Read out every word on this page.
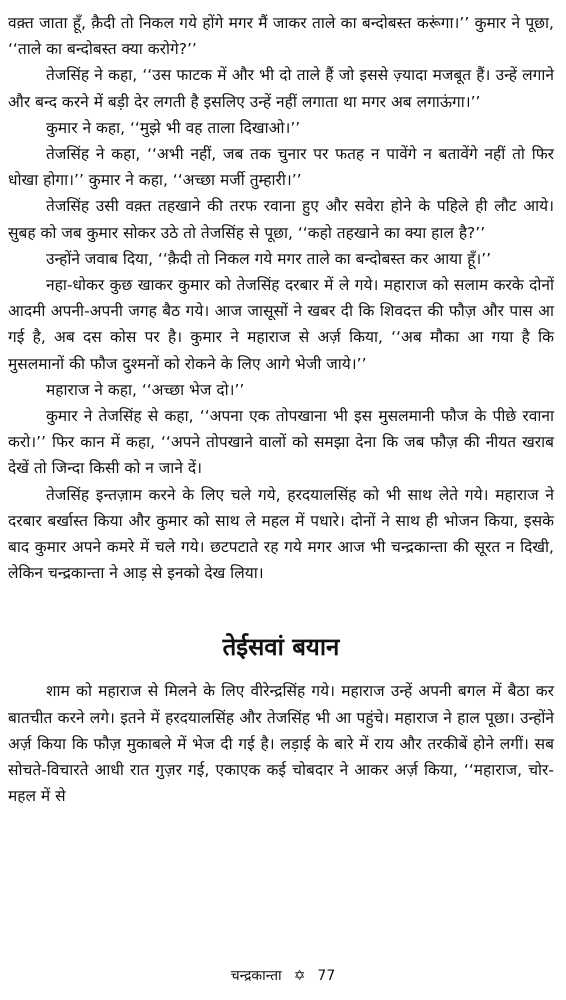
वक़्त जाता हूँ, क़ैदी तो निकल गये होंगे मगर मैं जाकर ताले का बन्दोबस्त करूंगा।’’ कुमार ने पूछा, ‘‘ताले का बन्दोबस्त क्या करोगे?’’

तेजसिंह ने कहा, ‘‘उस फाटक में और भी दो ताले हैं जो इससे ज़्यादा मजबूत हैं। उन्हें लगाने और बन्द करने में बड़ी देर लगती है इसलिए उन्हें नहीं लगाता था मगर अब लगाऊंगा।’’

कुमार ने कहा, ‘‘मुझे भी वह ताला दिखाओ।’’

तेजसिंह ने कहा, ‘‘अभी नहीं, जब तक चुनार पर फतह न पावेंगे न बतावेंगे नहीं तो फिर धोखा होगा।’’ कुमार ने कहा, ‘‘अच्छा मर्जी तुम्हारी।’’

तेजसिंह उसी वक़्त तहखाने की तरफ रवाना हुए और सवेरा होने के पहिले ही लौट आये। सुबह को जब कुमार सोकर उठे तो तेजसिंह से पूछा, ‘‘कहो तहखाने का क्या हाल है?’’

उन्होंने जवाब दिया, ‘‘क़ैदी तो निकल गये मगर ताले का बन्दोबस्त कर आया हूँ।’’

नहा-धोकर कुछ खाकर कुमार को तेजसिंह दरबार में ले गये। महाराज को सलाम करके दोनों आदमी अपनी-अपनी जगह बैठ गये। आज जासूसों ने खबर दी कि शिवदत्त की फौज़ और पास आ गई है, अब दस कोस पर है। कुमार ने महाराज से अर्ज़ किया, ‘‘अब मौका आ गया है कि मुसलमानों की फौज दुश्मनों को रोकने के लिए आगे भेजी जाये।’’

महाराज ने कहा, ‘‘अच्छा भेज दो।’’

कुमार ने तेजसिंह से कहा, ‘‘अपना एक तोपखाना भी इस मुसलमानी फौज के पीछे रवाना करो।’’ फिर कान में कहा, ‘‘अपने तोपखाने वालों को समझा देना कि जब फौज़ की नीयत खराब देखें तो जिन्दा किसी को न जाने दें।

तेजसिंह इन्तज़ाम करने के लिए चले गये, हरदयालसिंह को भी साथ लेते गये। महाराज ने दरबार बर्खास्त किया और कुमार को साथ ले महल में पधारे। दोनों ने साथ ही भोजन किया, इसके बाद कुमार अपने कमरे में चले गये। छटपटाते रह गये मगर आज भी चन्द्रकान्ता की सूरत न दिखी, लेकिन चन्द्रकान्ता ने आड़ से इनको देख लिया।

तेईसवां बयान

शाम को महाराज से मिलने के लिए वीरेन्द्रसिंह गये। महाराज उन्हें अपनी बगल में बैठा कर बातचीत करने लगे। इतने में हरदयालसिंह और तेजसिंह भी आ पहुंचे। महाराज ने हाल पूछा। उन्होंने अर्ज़ किया कि फौज़ मुकाबले में भेज दी गई है। लड़ाई के बारे में राय और तरकीबें होने लगीं। सब सोचते-विचारते आधी रात गुज़र गई, एकाएक कई चोबदार ने आकर अर्ज़ किया, ‘‘महाराज, चोर-महल में से

चन्द्रकान्ता ✡ 77
